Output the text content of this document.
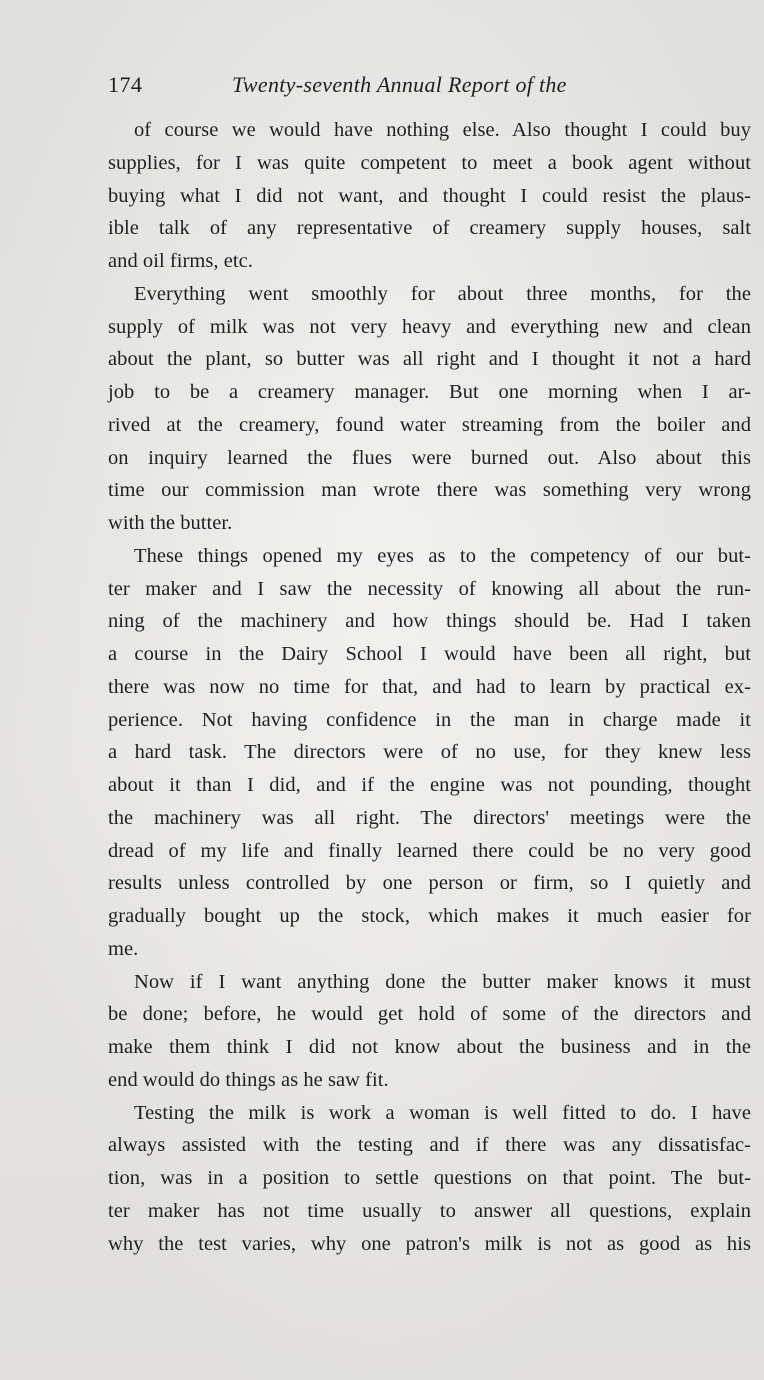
174	Twenty-seventh Annual Report of the
of course we would have nothing else. Also thought I could buy
supplies, for I was quite competent to meet a book agent without
buying what I did not want, and thought I could resist the plaus-
ible talk of any representative of creamery supply houses, salt
and oil firms, etc.
Everything went smoothly for about three months, for the
supply of milk was not very heavy and everything new and clean
about the plant, so butter was all right and I thought it not a hard
job to be a creamery manager. But one morning when I ar-
rived at the creamery, found water streaming from the boiler and
on inquiry learned the flues were burned out. Also about this
time our commission man wrote there was something very wrong
with the butter.
These things opened my eyes as to the competency of our but-
ter maker and I saw the necessity of knowing all about the run-
ning of the machinery and how things should be. Had I taken
a course in the Dairy School I would have been all right, but
there was now no time for that, and had to learn by practical ex-
perience. Not having confidence in the man in charge made it
a hard task. The directors were of no use, for they knew less
about it than I did, and if the engine was not pounding, thought
the machinery was all right. The directors' meetings were the
dread of my life and finally learned there could be no very good
results unless controlled by one person or firm, so I quietly and
gradually bought up the stock, which makes it much easier for
me.
Now if I want anything done the butter maker knows it must
be done; before, he would get hold of some of the directors and
make them think I did not know about the business and in the
end would do things as he saw fit.
Testing the milk is work a woman is well fitted to do. I have
always assisted with the testing and if there was any dissatisfac-
tion, was in a position to settle questions on that point. The but-
ter maker has not time usually to answer all questions, explain
why the test varies, why one patron's milk is not as good as his
